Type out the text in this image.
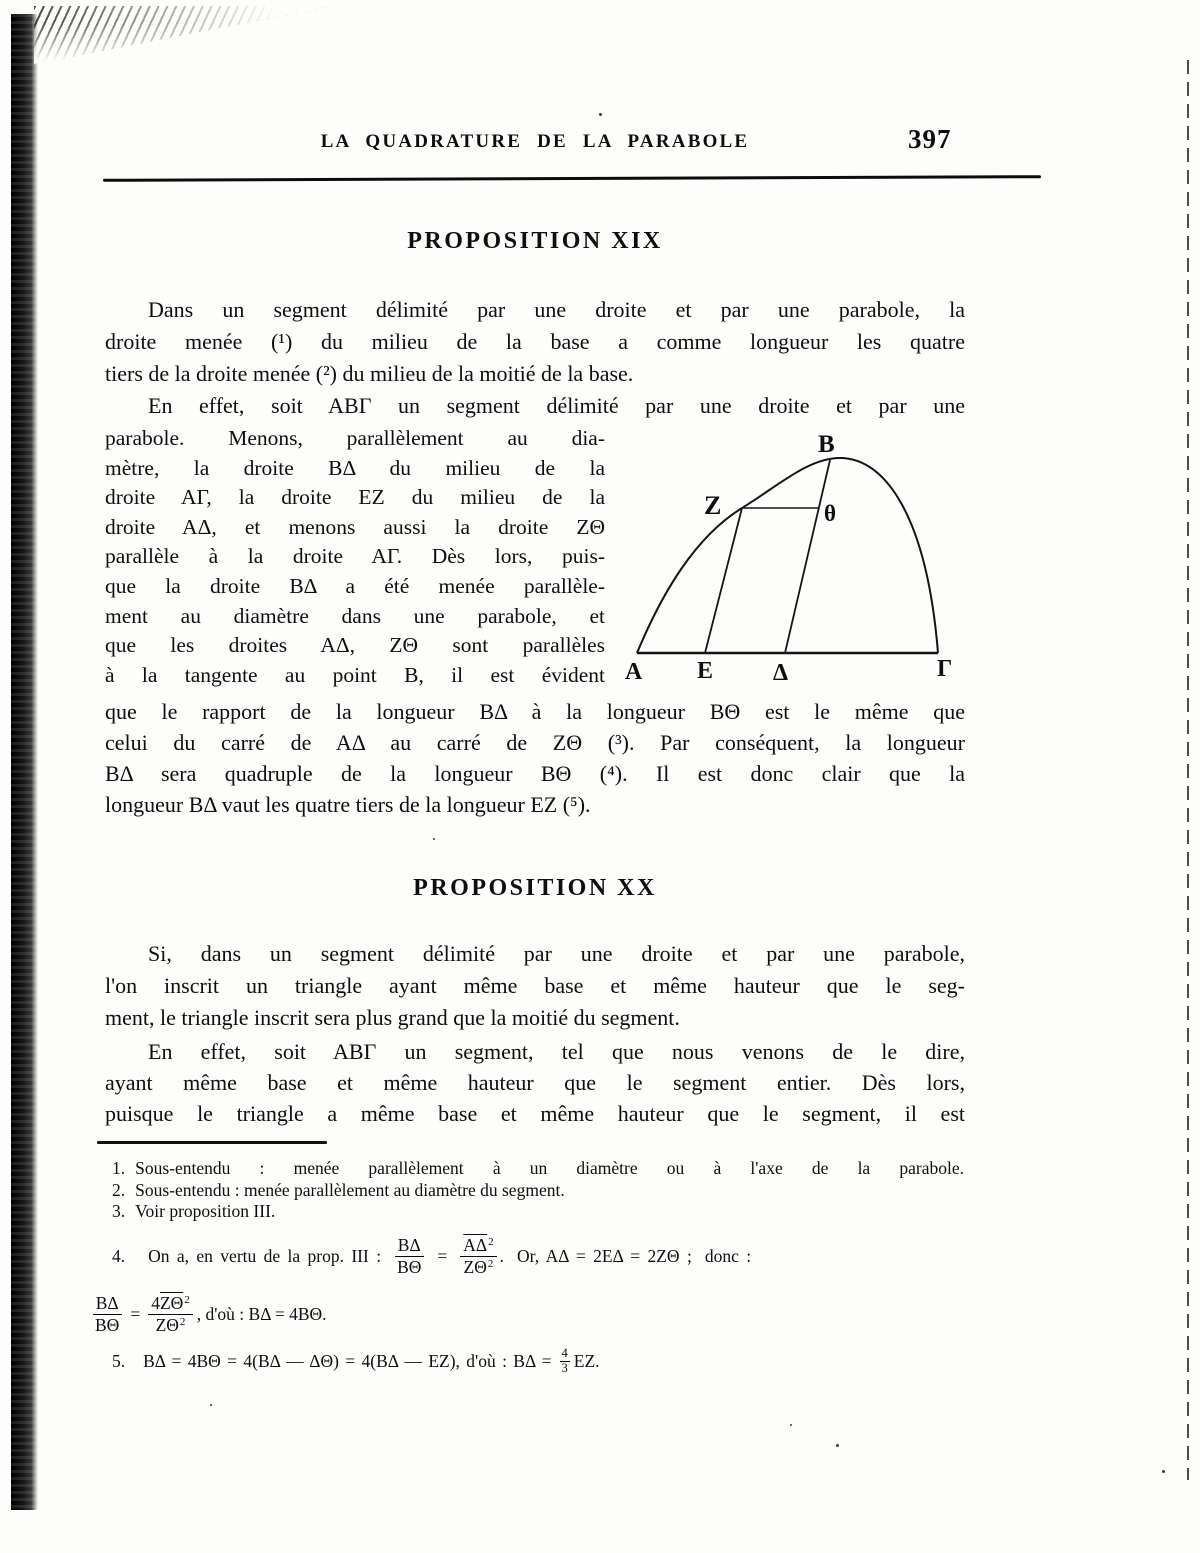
LA QUADRATURE DE LA PARABOLE	397
PROPOSITION XIX
Dans un segment délimité par une droite et par une parabole, la
droite menée (¹) du milieu de la base a comme longueur les quatre
tiers de la droite menée (²) du milieu de la moitié de la base.
En effet, soit ABΓ un segment délimité par une droite et par une
parabole. Menons, parallèlement au dia-
mètre, la droite BΔ du milieu de la
droite AΓ, la droite EZ du milieu de la
droite AΔ, et menons aussi la droite ZΘ
parallèle à la droite AΓ. Dès lors, puis-
que la droite BΔ a été menée parallèle-
ment au diamètre dans une parabole, et
que les droites AΔ, ZΘ sont parallèles
à la tangente au point B, il est évident
B
Z	θ
A E Δ	Γ
que le rapport de la longueur BΔ à la longueur BΘ est le même que
celui du carré de AΔ au carré de ZΘ (³). Par conséquent, la longueur
BΔ sera quadruple de la longueur BΘ (⁴). Il est donc clair que la
longueur BΔ vaut les quatre tiers de la longueur EZ (⁵).
PROPOSITION XX
Si, dans un segment délimité par une droite et par une parabole,
l'on inscrit un triangle ayant même base et même hauteur que le seg-
ment, le triangle inscrit sera plus grand que la moitié du segment.
En effet, soit ABΓ un segment, tel que nous venons de le dire,
ayant même base et même hauteur que le segment entier. Dès lors,
puisque le triangle a même base et même hauteur que le segment, il est
1. Sous-entendu : menée parallèlement à un diamètre ou à l'axe de la parabole.
2. Sous-entendu : menée parallèlement au diamètre du segment.
3. Voir proposition III.
4. On a, en vertu de la prop. III : $\frac{B\Delta}{B\Theta} = \frac{\overline{A\Delta}^2}{\overline{Z\Theta}^2}$ . Or, AΔ = 2EΔ = 2ZΘ ; donc :
$\frac{B\Delta}{B\Theta} = \frac{4\overline{Z\Theta}^2}{\overline{Z\Theta}^2}$ , d'où : BΔ = 4BΘ.
5. BΔ = 4BΘ = 4(BΔ — ΔΘ) = 4(BΔ — EZ), d'où : $B\Delta = \frac{4}{3}$ EZ.
